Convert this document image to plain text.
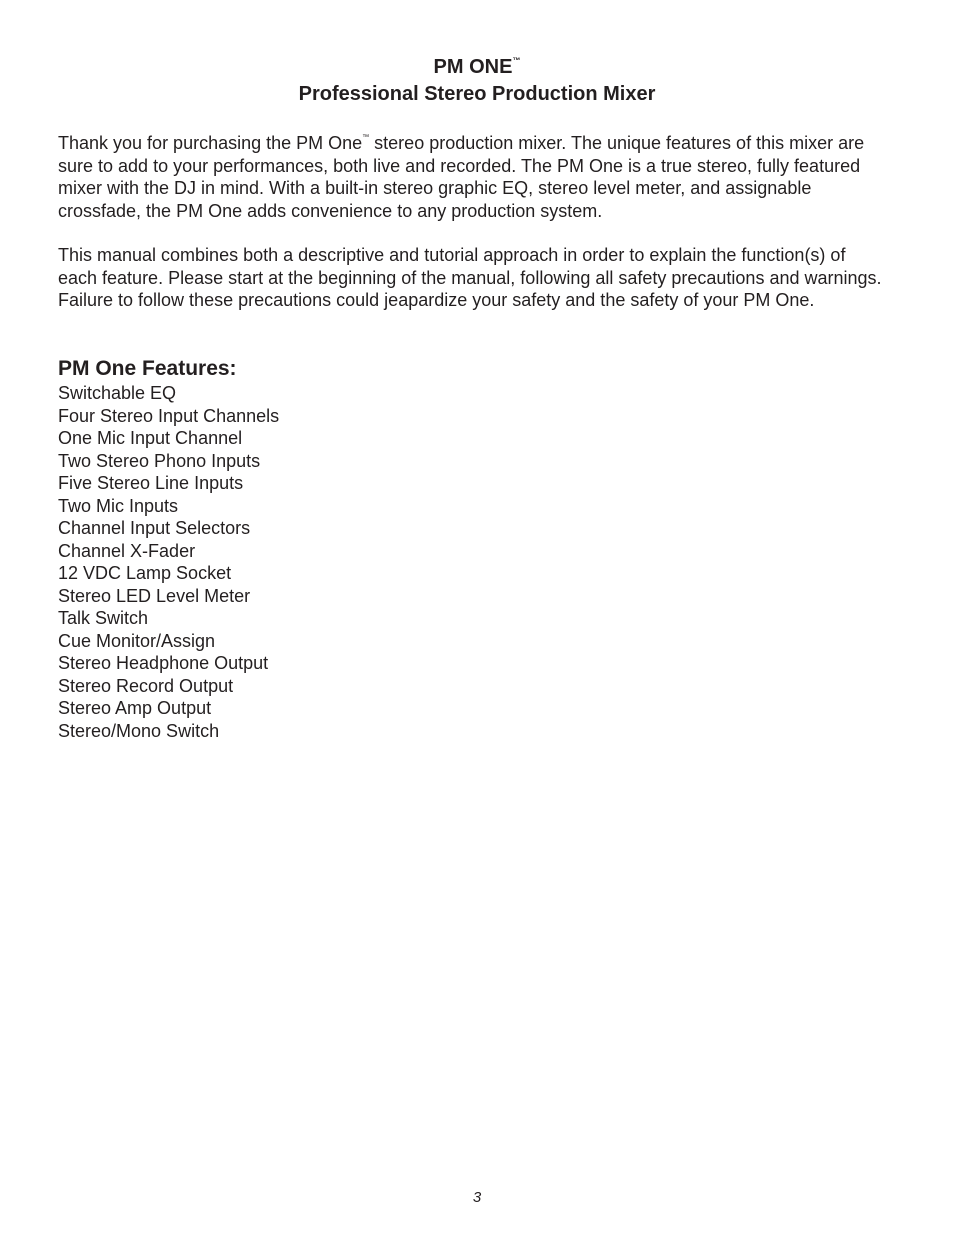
PM ONE™
Professional Stereo Production Mixer
Thank you for purchasing the PM One™ stereo production mixer. The unique features of this mixer are sure to add to your performances, both live and recorded. The PM One is a true stereo, fully featured mixer with the DJ in mind. With a built-in stereo graphic EQ, stereo level meter, and assignable crossfade, the PM One adds convenience to any production system.
This manual combines both a descriptive and tutorial approach in order to explain the function(s) of each feature. Please start at the beginning of the manual, following all safety precautions and warnings. Failure to follow these precautions could jeapardize your safety and the safety of your PM One.
PM One Features:
Switchable EQ
Four Stereo Input Channels
One Mic Input Channel
Two Stereo Phono Inputs
Five Stereo Line Inputs
Two Mic Inputs
Channel Input Selectors
Channel X-Fader
12 VDC Lamp Socket
Stereo LED Level Meter
Talk Switch
Cue Monitor/Assign
Stereo Headphone Output
Stereo Record Output
Stereo Amp Output
Stereo/Mono Switch
3
